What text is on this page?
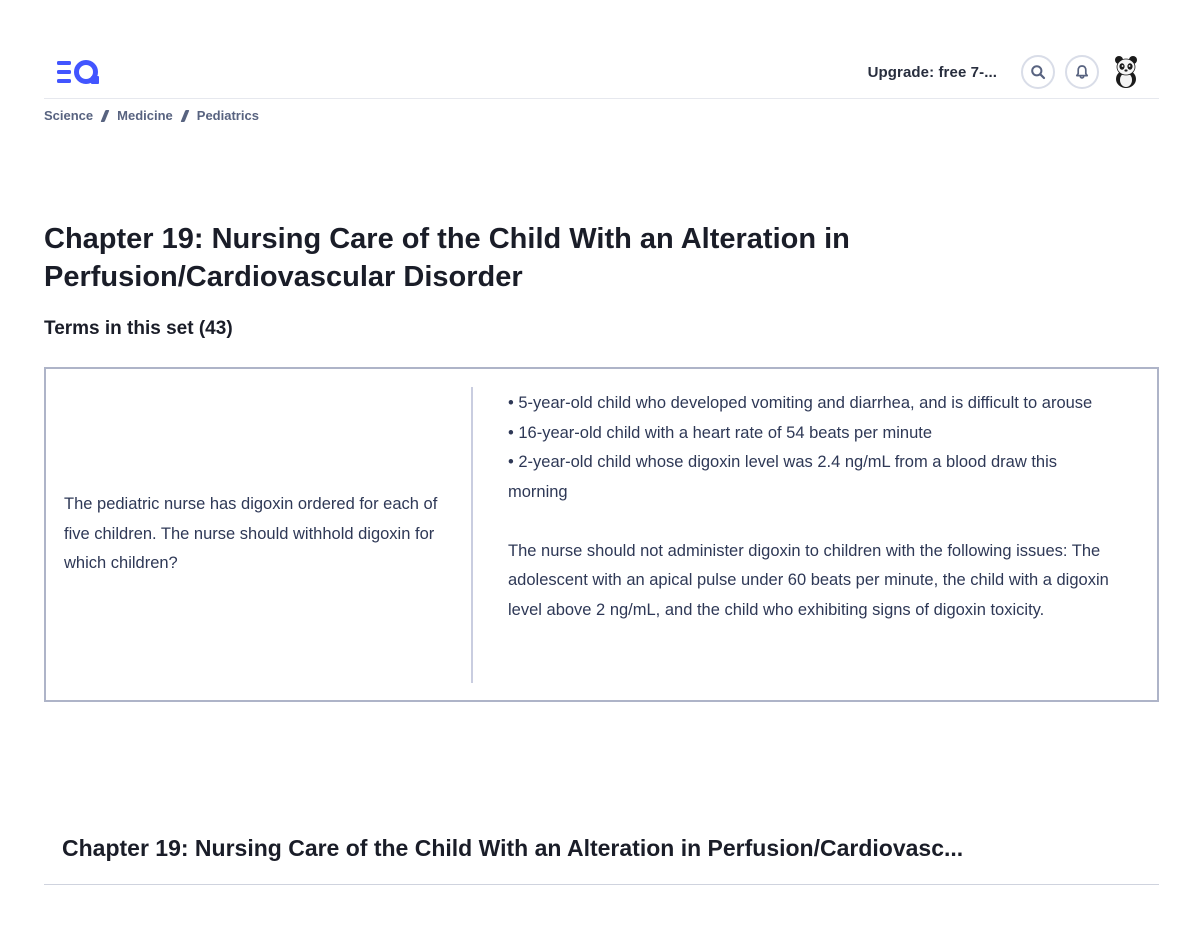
Upgrade: free 7-...
Science Medicine Pediatrics
Chapter 19: Nursing Care of the Child With an Alteration in Perfusion/Cardiovascular Disorder
Terms in this set (43)
The pediatric nurse has digoxin ordered for each of five children. The nurse should withhold digoxin for which children?

• 5-year-old child who developed vomiting and diarrhea, and is difficult to arouse

• 16-year-old child with a heart rate of 54 beats per minute

• 2-year-old child whose digoxin level was 2.4 ng/mL from a blood draw this morning

The nurse should not administer digoxin to children with the following issues: The adolescent with an apical pulse under 60 beats per minute, the child with a digoxin level above 2 ng/mL, and the child who exhibiting signs of digoxin toxicity.

Chapter 19: Nursing Care of the Child With an Alteration in Perfusion/Cardiovasc...
